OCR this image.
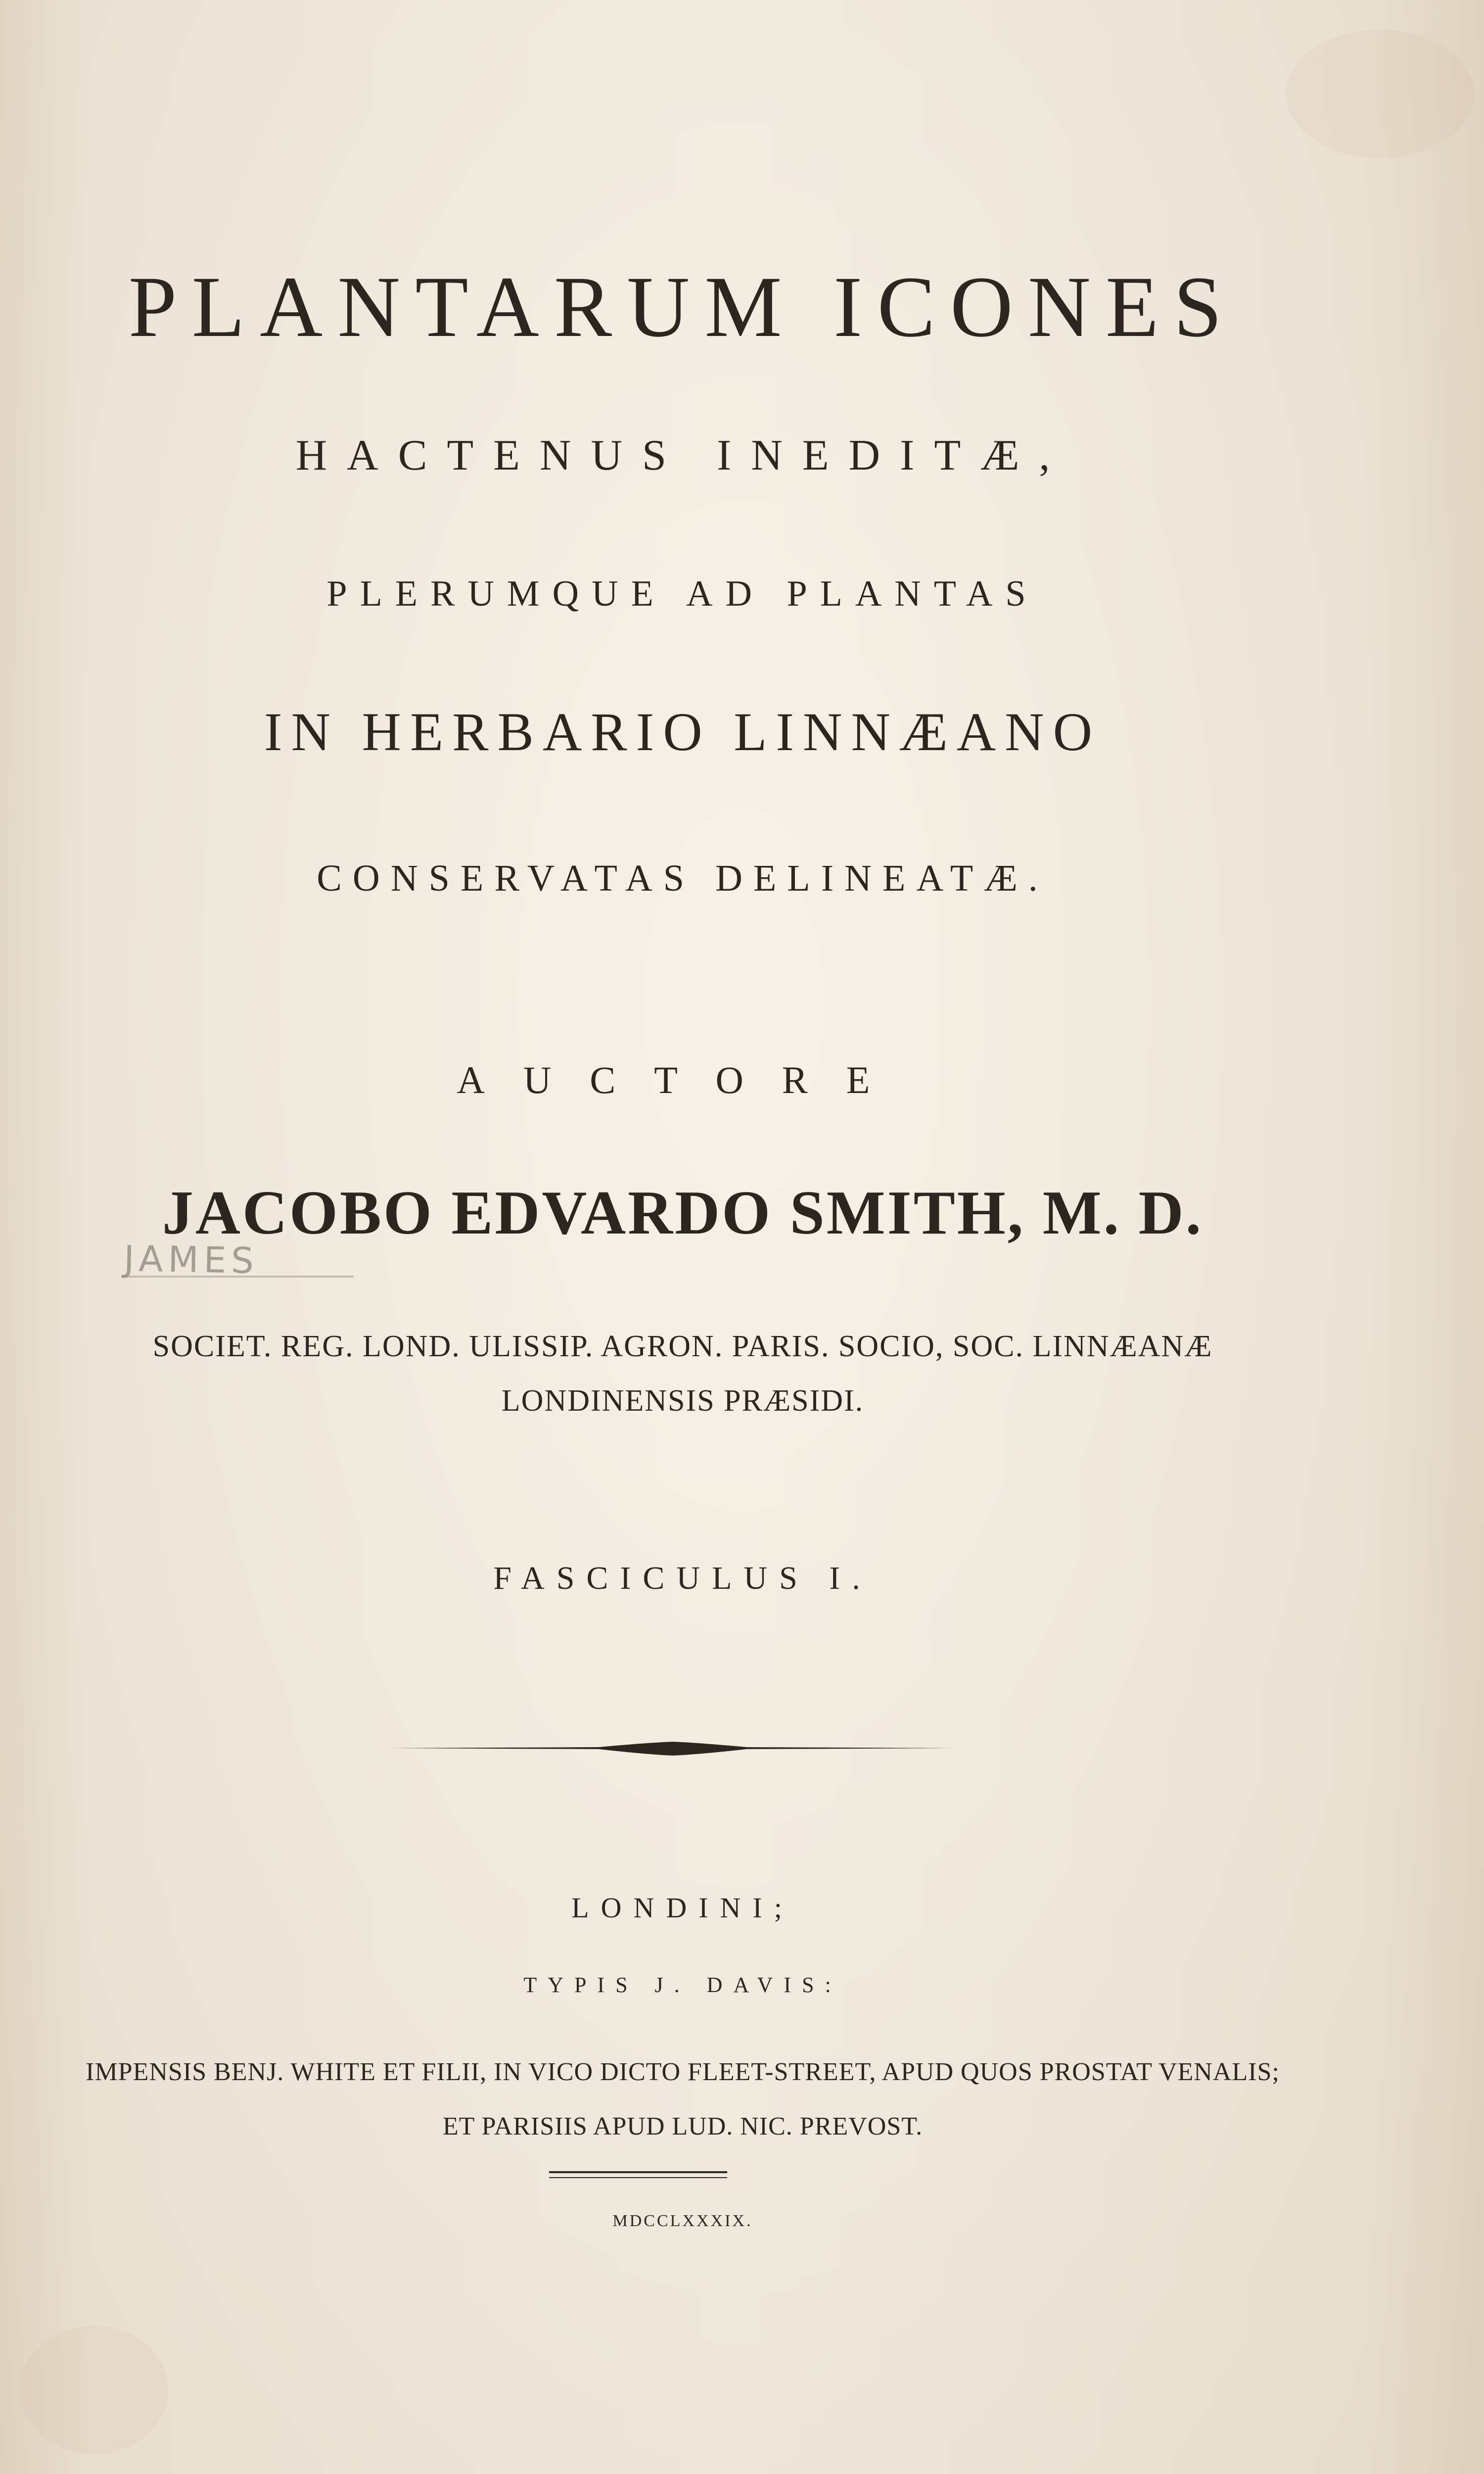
PLANTARUM ICONES
HACTENUS INEDITÆ,
PLERUMQUE AD PLANTAS
IN HERBARIO LINNÆANO
CONSERVATAS DELINEATÆ.
AUCTORE
JACOBO EDVARDO SMITH, M. D.
JAMES
SOCIET. REG. LOND. ULISSIP. AGRON. PARIS. SOCIO, SOC. LINNÆANÆ
LONDINENSIS PRÆSIDI.
FASCICULUS I.
LONDINI;
TYPIS J. DAVIS:
IMPENSIS BENJ. WHITE ET FILII, IN VICO DICTO FLEET-STREET, APUD QUOS PROSTAT VENALIS;
ET PARISIIS APUD LUD. NIC. PREVOST.
MDCCLXXXIX.
